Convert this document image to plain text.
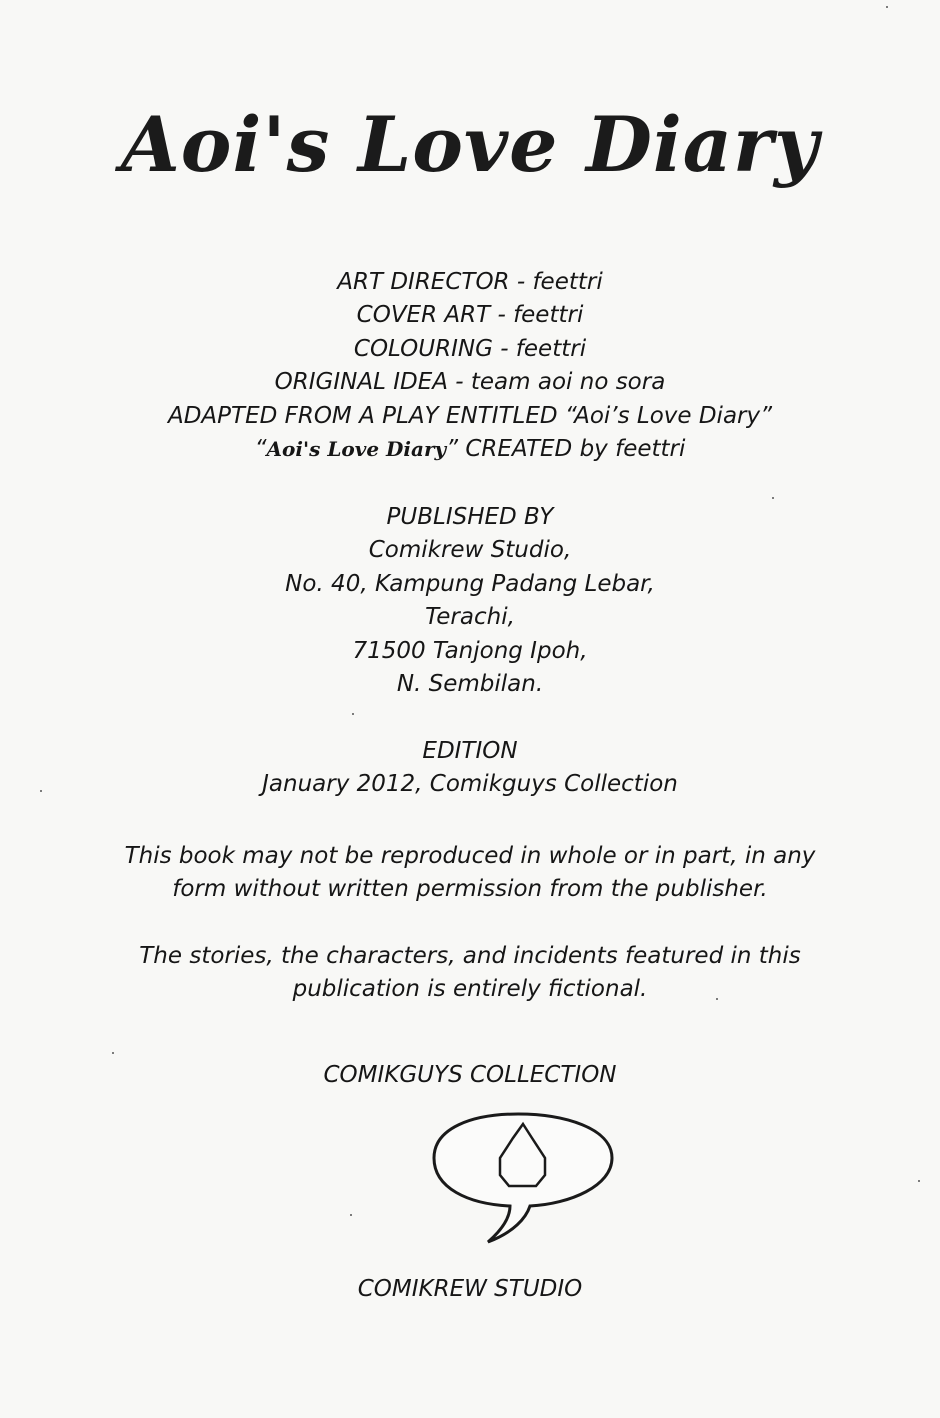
Aoi's Love Diary
ART DIRECTOR - feettri
COVER ART - feettri
COLOURING - feettri
ORIGINAL IDEA - team aoi no sora
ADAPTED FROM A PLAY ENTITLED “Aoi’s Love Diary”
“Aoi's Love Diary” CREATED by feettri
PUBLISHED BY
Comikrew Studio,
No. 40, Kampung Padang Lebar,
Terachi,
71500 Tanjong Ipoh,
N. Sembilan.
EDITION
January 2012, Comikguys Collection
This book may not be reproduced in whole or in part, in any
form without written permission from the publisher.
The stories, the characters, and incidents featured in this
publication is entirely fictional.
COMIKGUYS COLLECTION
COMIKREW STUDIO
